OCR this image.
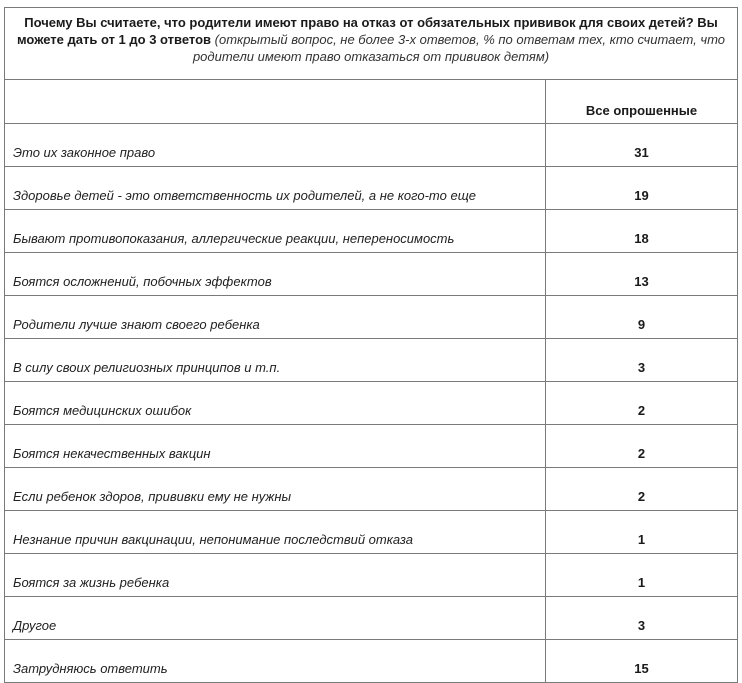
Почему Вы считаете, что родители имеют право на отказ от обязательных прививок для своих детей? Вы можете дать от 1 до 3 ответов (открытый вопрос, не более 3-х ответов, % по ответам тех, кто считает, что родители имеют право отказаться от прививок детям)	
	Все опрошенные
Это их законное право	31
Здоровье детей - это ответственность их родителей, а не кого-то еще	19
Бывают противопоказания, аллергические реакции, непереносимость	18
Боятся осложнений, побочных эффектов	13
Родители лучше знают своего ребенка	9
В силу своих религиозных принципов и т.п.	3
Боятся медицинских ошибок	2
Боятся некачественных вакцин	2
Если ребенок здоров, прививки ему не нужны	2
Незнание причин вакцинации, непонимание последствий отказа	1
Боятся за жизнь ребенка	1
Другое	3
Затрудняюсь ответить	15
